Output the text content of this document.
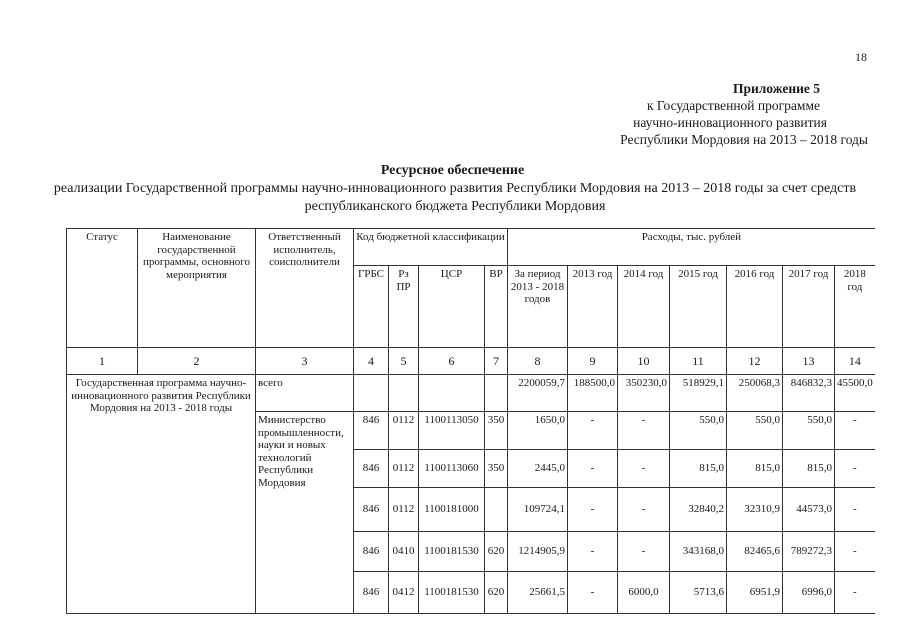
18
Приложение 5
к Государственной программе
научно-инновационного развития
Республики Мордовия на 2013 – 2018 годы
Ресурсное обеспечение
реализации Государственной программы научно-инновационного развития Республики Мордовия на 2013 – 2018 годы за счет средств республиканского бюджета Республики Мордовия
Статус	Наименование государственной программы, основного мероприятия	Ответственный исполнитель, соисполнители	Код бюджетной классификации				Расходы, тыс. рублей						
			ГРБС	Рз ПР	ЦСР	ВР	За период 2013 - 2018 годов	2013 год	2014 год	2015 год	2016 год	2017 год	2018 год
1	2	3	4	5	6	7	8	9	10	11	12	13	14
Государственная программа научно-инновационного развития Республики Мордовия на 2013 - 2018 годы		всего					2200059,7	188500,0	350230,0	518929,1	250068,3	846832,3	45500,0
		Министерство промышленности, науки и новых технологий Республики Мордовия	846	0112	1100113050	350	1650,0	-	-	550,0	550,0	550,0	-
			846	0112	1100113060	350	2445,0	-	-	815,0	815,0	815,0	-
			846	0112	1100181000		109724,1	-	-	32840,2	32310,9	44573,0	-
			846	0410	1100181530	620	1214905,9	-	-	343168,0	82465,6	789272,3	-
			846	0412	1100181530	620	25661,5	-	6000,0	5713,6	6951,9	6996,0	-
